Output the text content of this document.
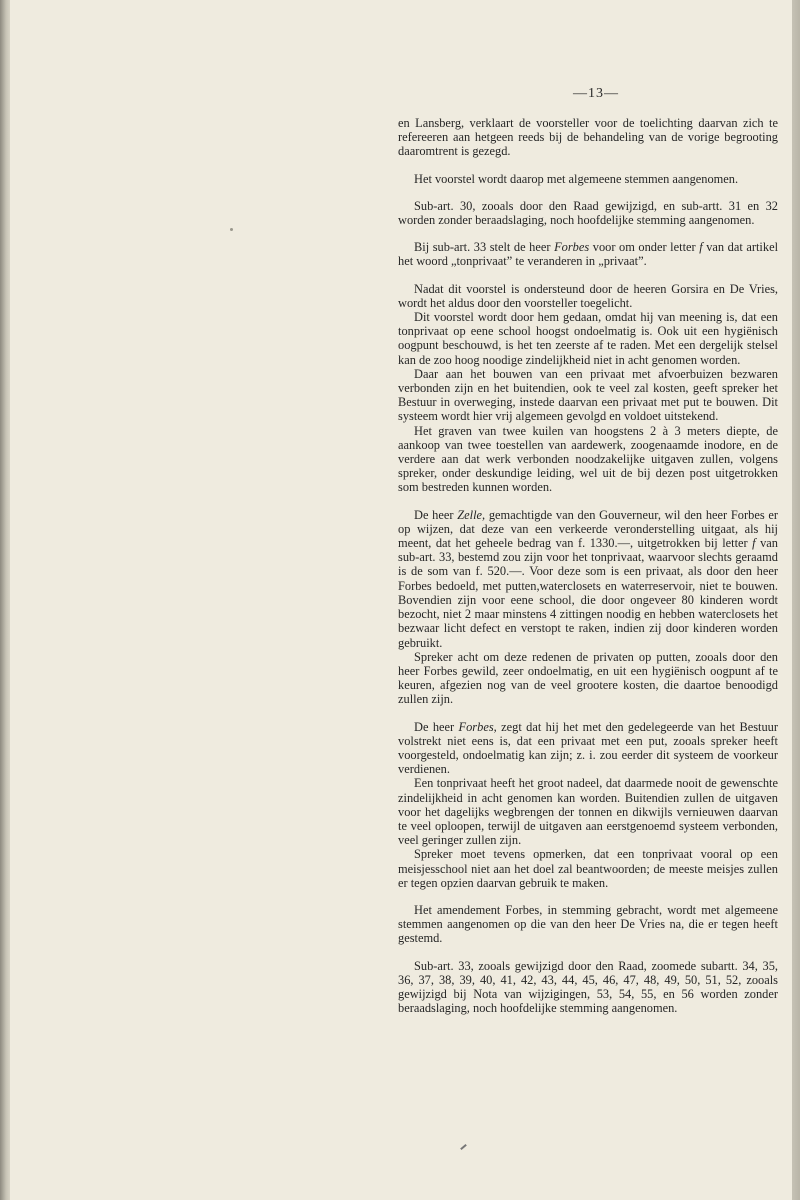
—13—

en Lansberg, verklaart de voorsteller voor de toelichting daarvan zich te refereeren aan hetgeen reeds bij de behandeling van de vorige begrooting daaromtrent is gezegd.

Het voorstel wordt daarop met algemeene stemmen aangenomen.

Sub-art. 30, zooals door den Raad gewijzigd, en sub-artt. 31 en 32 worden zonder beraadslaging, noch hoofdelijke stemming aangenomen.

Bij sub-art. 33 stelt de heer Forbes voor om onder letter f van dat artikel het woord „tonprivaat” te veranderen in „privaat”.

Nadat dit voorstel is ondersteund door de heeren Gorsira en De Vries, wordt het aldus door den voorsteller toegelicht.

Dit voorstel wordt door hem gedaan, omdat hij van meening is, dat een tonprivaat op eene school hoogst ondoelmatig is. Ook uit een hygiënisch oogpunt beschouwd, is het ten zeerste af te raden. Met een dergelijk stelsel kan de zoo hoog noodige zindelijkheid niet in acht genomen worden.

Daar aan het bouwen van een privaat met afvoerbuizen bezwaren verbonden zijn en het buitendien, ook te veel zal kosten, geeft spreker het Bestuur in overweging, instede daarvan een privaat met put te bouwen. Dit systeem wordt hier vrij algemeen gevolgd en voldoet uitstekend.

Het graven van twee kuilen van hoogstens 2 à 3 meters diepte, de aankoop van twee toestellen van aardewerk, zoogenaamde inodore, en de verdere aan dat werk verbonden noodzakelijke uitgaven zullen, volgens spreker, onder deskundige leiding, wel uit de bij dezen post uitgetrokken som bestreden kunnen worden.

De heer Zelle, gemachtigde van den Gouverneur, wil den heer Forbes er op wijzen, dat deze van een verkeerde veronderstelling uitgaat, als hij meent, dat het geheele bedrag van f. 1330.—, uitgetrokken bij letter f van sub-art. 33, bestemd zou zijn voor het tonprivaat, waarvoor slechts geraamd is de som van f. 520.—. Voor deze som is een privaat, als door den heer Forbes bedoeld, met putten,waterclosets en waterreservoir, niet te bouwen. Bovendien zijn voor eene school, die door ongeveer 80 kinderen wordt bezocht, niet 2 maar minstens 4 zittingen noodig en hebben waterclosets het bezwaar licht defect en verstopt te raken, indien zij door kinderen worden gebruikt.

Spreker acht om deze redenen de privaten op putten, zooals door den heer Forbes gewild, zeer ondoelmatig, en uit een hygiënisch oogpunt af te keuren, afgezien nog van de veel grootere kosten, die daartoe benoodigd zullen zijn.

De heer Forbes, zegt dat hij het met den gedelegeerde van het Bestuur volstrekt niet eens is, dat een privaat met een put, zooals spreker heeft voorgesteld, ondoelmatig kan zijn; z. i. zou eerder dit systeem de voorkeur verdienen.

Een tonprivaat heeft het groot nadeel, dat daarmede nooit de gewenschte zindelijkheid in acht genomen kan worden. Buitendien zullen de uitgaven voor het dagelijks wegbrengen der tonnen en dikwijls vernieuwen daarvan te veel oploopen, terwijl de uitgaven aan eerstgenoemd systeem verbonden, veel geringer zullen zijn.

Spreker moet tevens opmerken, dat een tonprivaat vooral op een meisjesschool niet aan het doel zal beantwoorden; de meeste meisjes zullen er tegen opzien daarvan gebruik te maken.

Het amendement Forbes, in stemming gebracht, wordt met algemeene stemmen aangenomen op die van den heer De Vries na, die er tegen heeft gestemd.

Sub-art. 33, zooals gewijzigd door den Raad, zoomede subartt. 34, 35, 36, 37, 38, 39, 40, 41, 42, 43, 44, 45, 46, 47, 48, 49, 50, 51, 52, zooals gewijzigd bij Nota van wijzigingen, 53, 54, 55, en 56 worden zonder beraadslaging, noch hoofdelijke stemming aangenomen.
